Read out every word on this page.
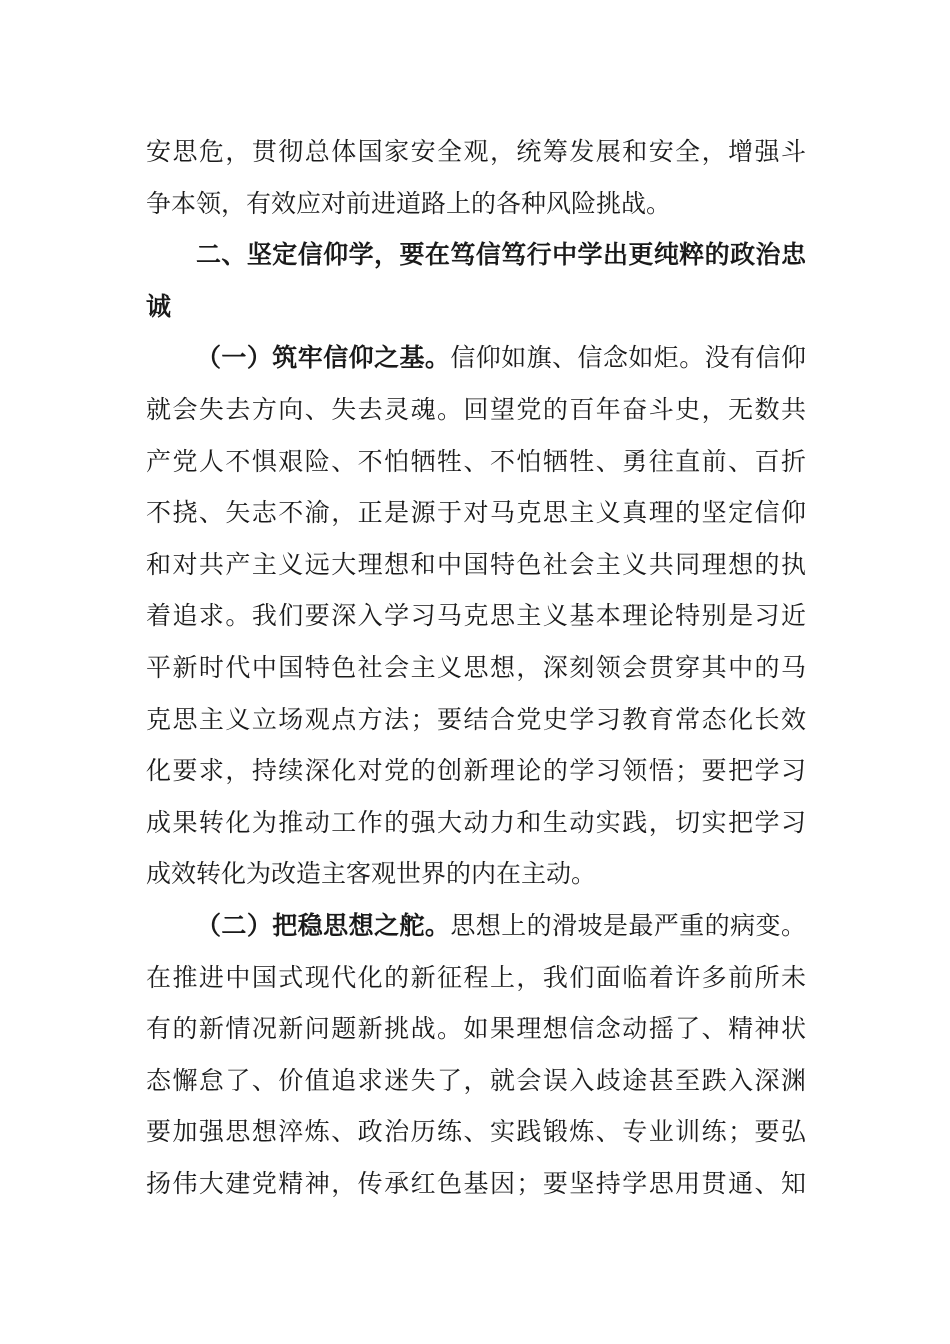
安思危，贯彻总体国家安全观，统筹发展和安全，增强斗
争本领，有效应对前进道路上的各种风险挑战。
二、坚定信仰学，要在笃信笃行中学出更纯粹的政治忠
诚
（一）筑牢信仰之基。信仰如旗、信念如炬。没有信仰
就会失去方向、失去灵魂。回望党的百年奋斗史，无数共
产党人不惧艰险、不怕牺牲、不怕牺牲、勇往直前、百折
不挠、矢志不渝，正是源于对马克思主义真理的坚定信仰
和对共产主义远大理想和中国特色社会主义共同理想的执
着追求。我们要深入学习马克思主义基本理论特别是习近
平新时代中国特色社会主义思想，深刻领会贯穿其中的马
克思主义立场观点方法；要结合党史学习教育常态化长效
化要求，持续深化对党的创新理论的学习领悟；要把学习
成果转化为推动工作的强大动力和生动实践，切实把学习
成效转化为改造主客观世界的内在主动。
（二）把稳思想之舵。思想上的滑坡是最严重的病变。
在推进中国式现代化的新征程上，我们面临着许多前所未
有的新情况新问题新挑战。如果理想信念动摇了、精神状
态懈怠了、价值追求迷失了，就会误入歧途甚至跌入深渊
要加强思想淬炼、政治历练、实践锻炼、专业训练；要弘
扬伟大建党精神，传承红色基因；要坚持学思用贯通、知
